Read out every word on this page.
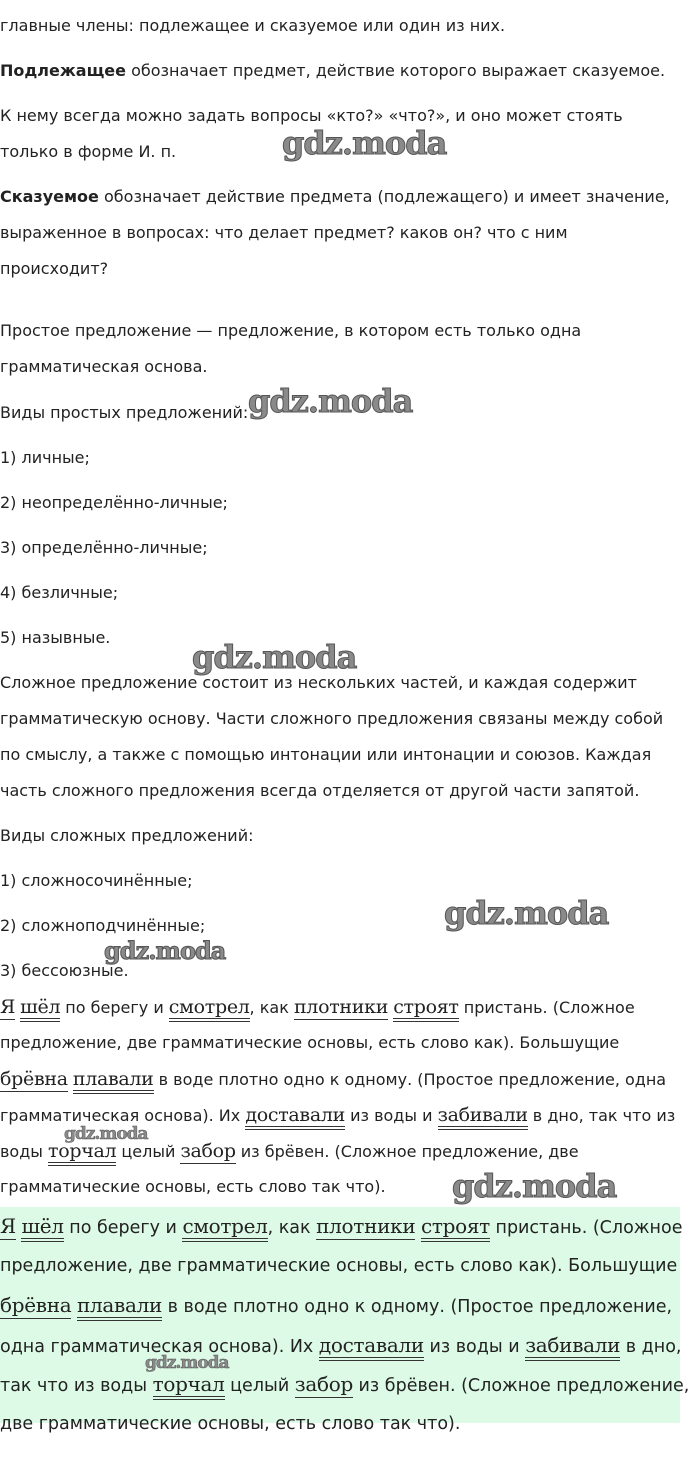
главные члены: подлежащее и сказуемое или один из них.

Подлежащее обозначает предмет, действие которого выражает сказуемое.

К нему всегда можно задать вопросы «кто?» «что?», и оно может стоять
только в форме И. п.

Сказуемое обозначает действие предмета (подлежащего) и имеет значение,
выраженное в вопросах: что делает предмет? каков он? что с ним
происходит?

Простое предложение — предложение, в котором есть только одна
грамматическая основа.

Виды простых предложений:

1) личные;

2) неопределённо-личные;

3) определённо-личные;

4) безличные;

5) назывные.

Сложное предложение состоит из нескольких частей, и каждая содержит
грамматическую основу. Части сложного предложения связаны между собой
по смыслу, а также с помощью интонации или интонации и союзов. Каждая
часть сложного предложения всегда отделяется от другой части запятой.

Виды сложных предложений:

1) сложносочинённые;

2) сложноподчинённые;

3) бессоюзные.

Я шёл по берегу и смотрел, как плотники строят пристань. (Сложное
предложение, две грамматические основы, есть слово как). Большущие
брёвна плавали в воде плотно одно к одному. (Простое предложение, одна
грамматическая основа). Их доставали из воды и забивали в дно, так что из
воды торчал целый забор из брёвен. (Сложное предложение, две
грамматические основы, есть слово так что).

Я шёл по берегу и смотрел, как плотники строят пристань. (Сложное
предложение, две грамматические основы, есть слово как). Большущие
брёвна плавали в воде плотно одно к одному. (Простое предложение,
одна грамматическая основа). Их доставали из воды и забивали в дно,
так что из воды торчал целый забор из брёвен. (Сложное предложение,
две грамматические основы, есть слово так что).

gdz.moda
gdz.moda
gdz.moda
gdz.moda
gdz.moda
gdz.moda
gdz.moda
gdz.moda
